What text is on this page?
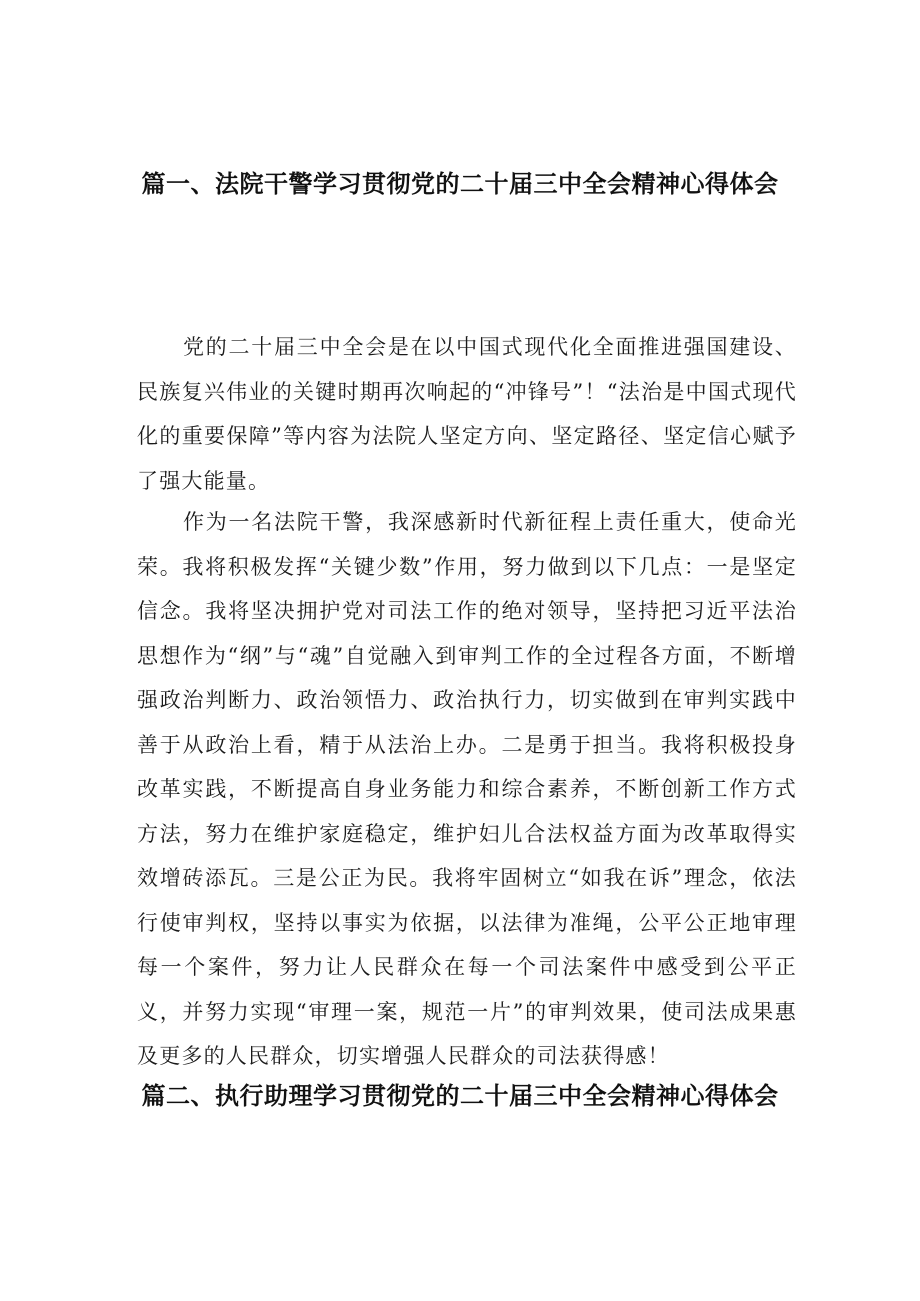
篇一、法院干警学习贯彻党的二十届三中全会精神心得体会

党的二十届三中全会是在以中国式现代化全面推进强国建设、民族复兴伟业的关键时期再次响起的“冲锋号”！“法治是中国式现代化的重要保障”等内容为法院人坚定方向、坚定路径、坚定信心赋予了强大能量。

作为一名法院干警，我深感新时代新征程上责任重大，使命光荣。我将积极发挥“关键少数”作用，努力做到以下几点：一是坚定信念。我将坚决拥护党对司法工作的绝对领导，坚持把习近平法治思想作为“纲”与“魂”自觉融入到审判工作的全过程各方面，不断增强政治判断力、政治领悟力、政治执行力，切实做到在审判实践中善于从政治上看，精于从法治上办。二是勇于担当。我将积极投身改革实践，不断提高自身业务能力和综合素养，不断创新工作方式方法，努力在维护家庭稳定，维护妇儿合法权益方面为改革取得实效增砖添瓦。三是公正为民。我将牢固树立“如我在诉”理念，依法行使审判权，坚持以事实为依据，以法律为准绳，公平公正地审理每一个案件，努力让人民群众在每一个司法案件中感受到公平正义，并努力实现“审理一案，规范一片”的审判效果，使司法成果惠及更多的人民群众，切实增强人民群众的司法获得感！

篇二、执行助理学习贯彻党的二十届三中全会精神心得体会
